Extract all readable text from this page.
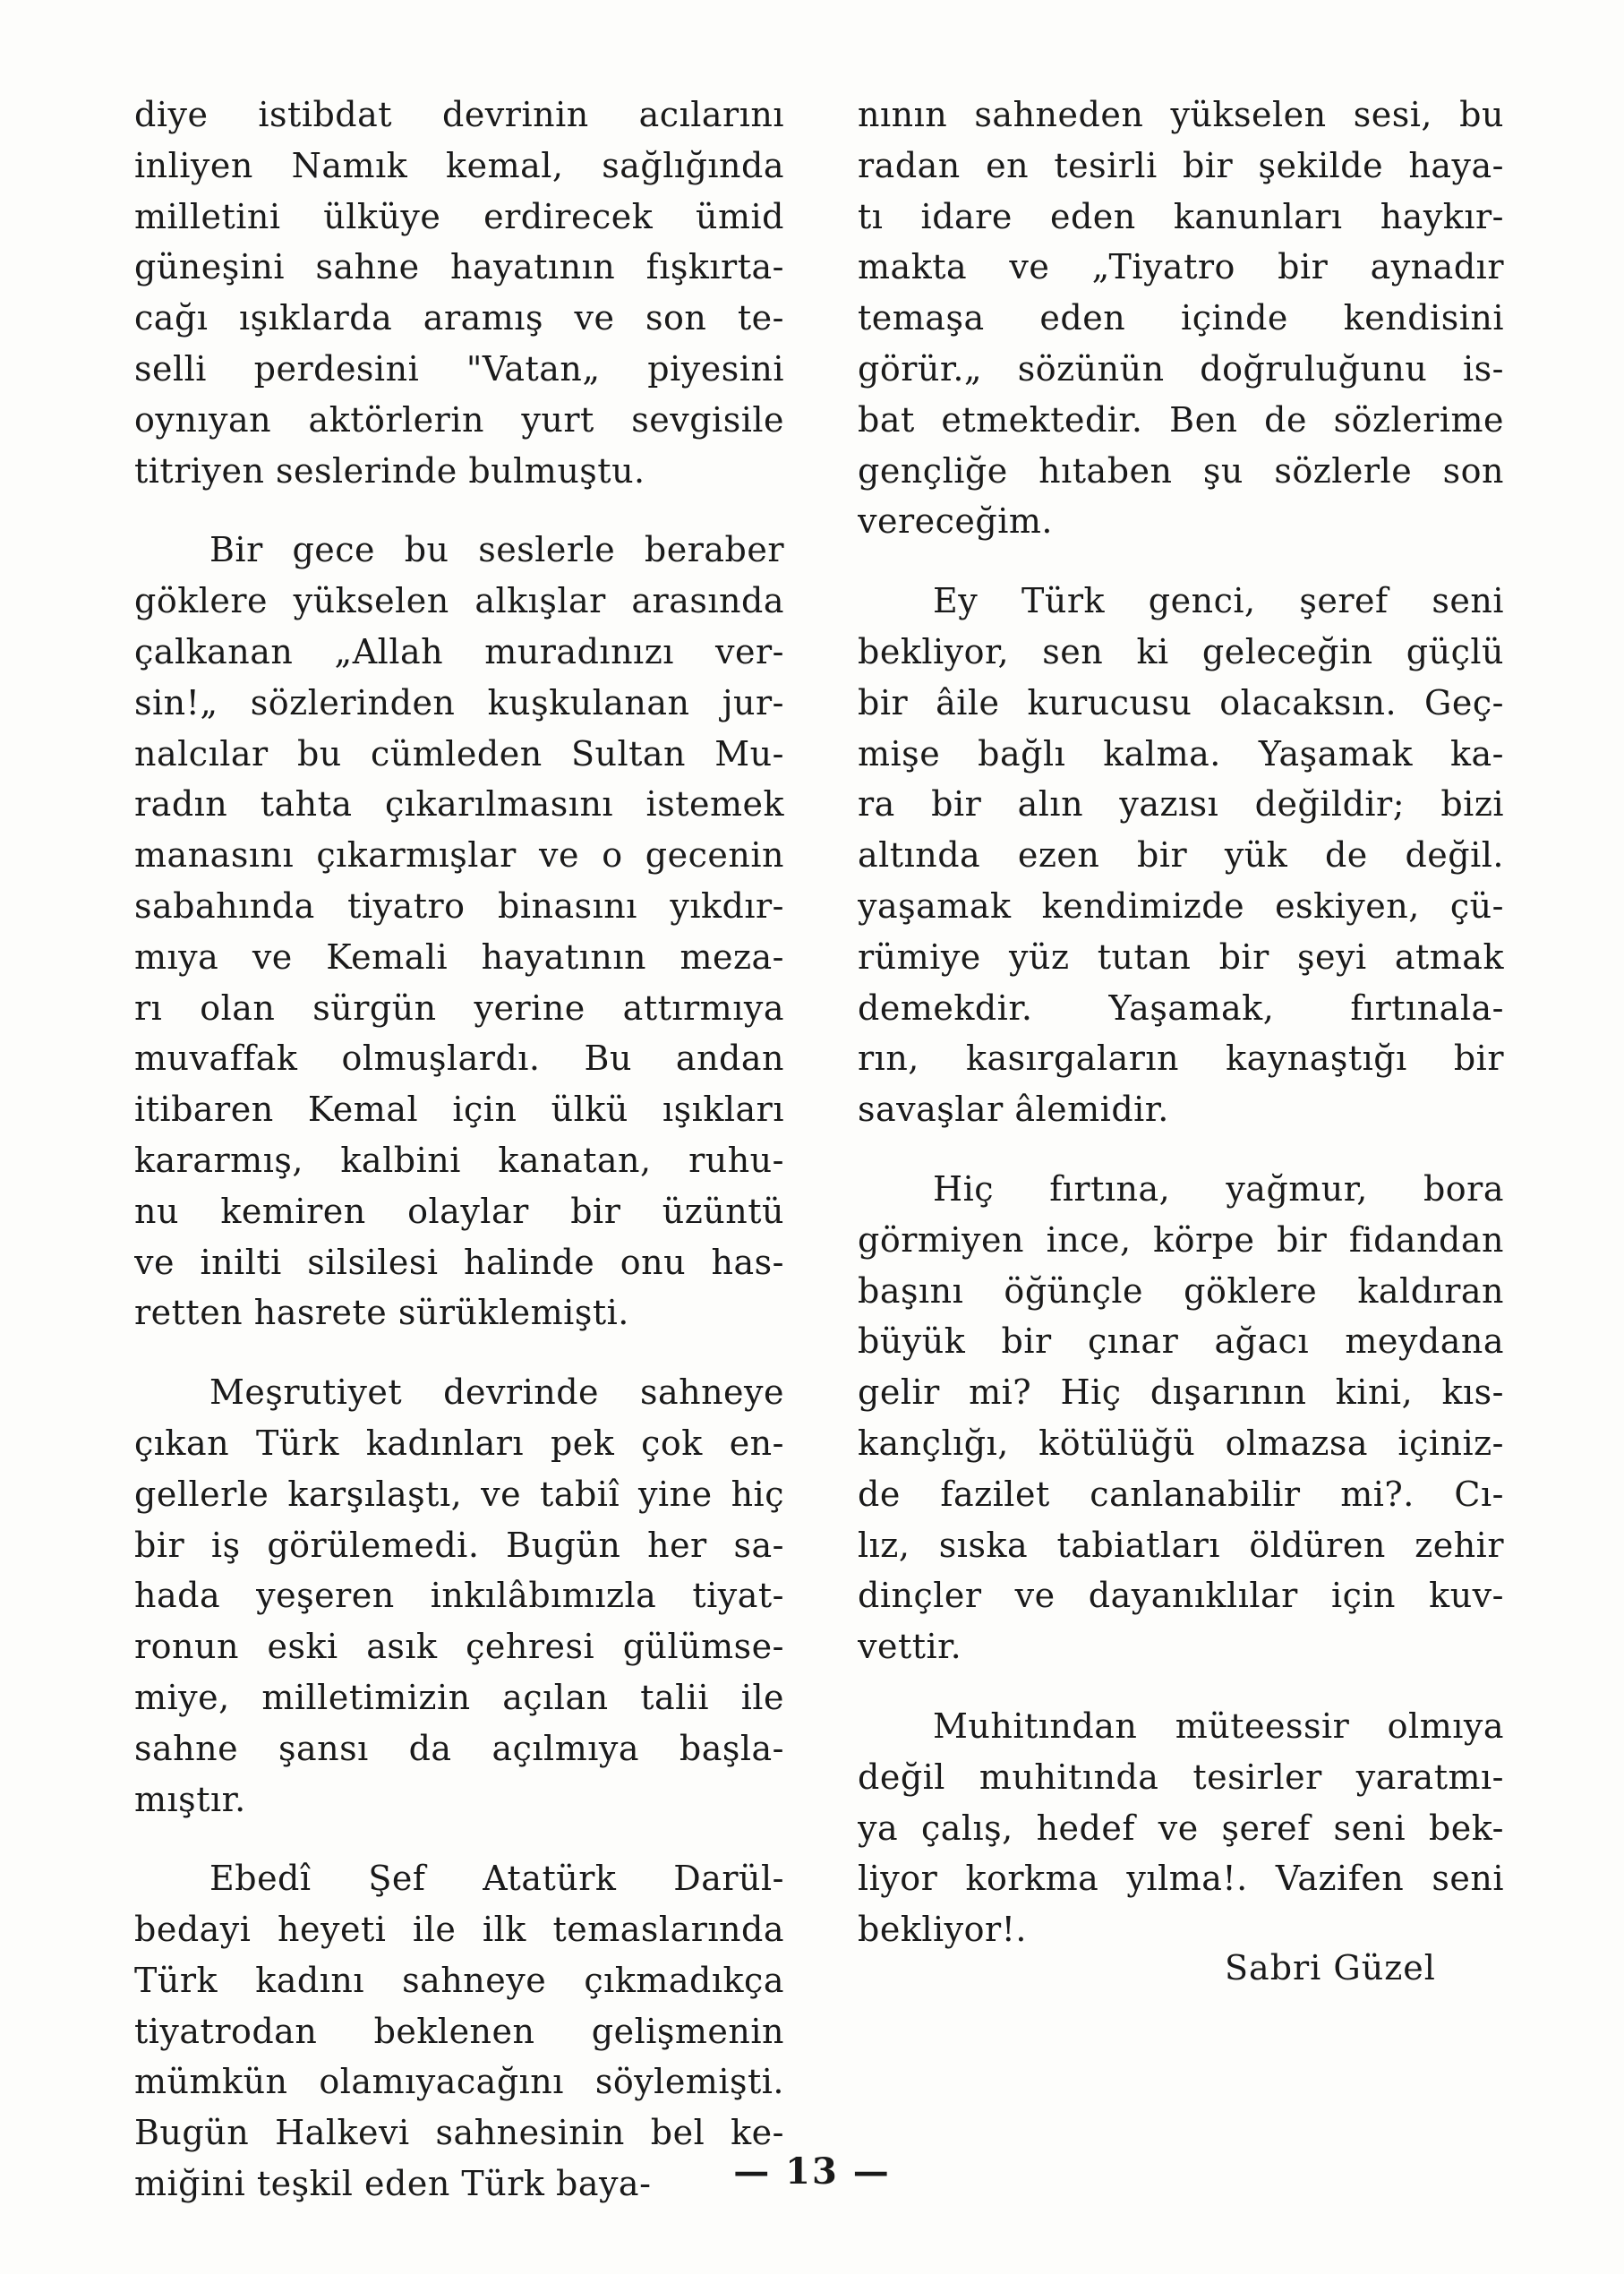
diye istibdat devrinin acılarını
inliyen Namık kemal, sağlığında
milletini ülküye erdirecek ümid
güneşini sahne hayatının fışkırta-
cağı ışıklarda aramış ve son te-
selli perdesini "Vatan„ piyesini
oynıyan aktörlerin yurt sevgisile
titriyen seslerinde bulmuştu.
Bir gece bu seslerle beraber
göklere yükselen alkışlar arasında
çalkanan „Allah muradınızı ver-
sin!„ sözlerinden kuşkulanan jur-
nalcılar bu cümleden Sultan Mu-
radın tahta çıkarılmasını istemek
manasını çıkarmışlar ve o gecenin
sabahında tiyatro binasını yıkdır-
mıya ve Kemali hayatının meza-
rı olan sürgün yerine attırmıya
muvaffak olmuşlardı. Bu andan
itibaren Kemal için ülkü ışıkları
kararmış, kalbini kanatan, ruhu-
nu kemiren olaylar bir üzüntü
ve inilti silsilesi halinde onu has-
retten hasrete sürüklemişti.
Meşrutiyet devrinde sahneye
çıkan Türk kadınları pek çok en-
gellerle karşılaştı, ve tabiî yine hiç
bir iş görülemedi. Bugün her sa-
hada yeşeren inkılâbımızla tiyat-
ronun eski asık çehresi gülümse-
miye, milletimizin açılan talii ile
sahne şansı da açılmıya başla-
mıştır.
Ebedî Şef Atatürk Darül-
bedayi heyeti ile ilk temaslarında
Türk kadını sahneye çıkmadıkça
tiyatrodan beklenen gelişmenin
mümkün olamıyacağını söylemişti.
Bugün Halkevi sahnesinin bel ke-
miğini teşkil eden Türk baya-
nının sahneden yükselen sesi, bu
radan en tesirli bir şekilde haya-
tı idare eden kanunları haykır-
makta ve „Tiyatro bir aynadır
temaşa eden içinde kendisini
görür.„ sözünün doğruluğunu is-
bat etmektedir. Ben de sözlerime
gençliğe hıtaben şu sözlerle son
vereceğim.
Ey Türk genci, şeref seni
bekliyor, sen ki geleceğin güçlü
bir âile kurucusu olacaksın. Geç-
mişe bağlı kalma. Yaşamak ka-
ra bir alın yazısı değildir; bizi
altında ezen bir yük de değil.
yaşamak kendimizde eskiyen, çü-
rümiye yüz tutan bir şeyi atmak
demekdir. Yaşamak, fırtınala-
rın, kasırgaların kaynaştığı bir
savaşlar âlemidir.
Hiç fırtına, yağmur, bora
görmiyen ince, körpe bir fidandan
başını öğünçle göklere kaldıran
büyük bir çınar ağacı meydana
gelir mi? Hiç dışarının kini, kıs-
kançlığı, kötülüğü olmazsa içiniz-
de fazilet canlanabilir mi?. Cı-
lız, sıska tabiatları öldüren zehir
dinçler ve dayanıklılar için kuv-
vettir.
Muhitından müteessir olmıya
değil muhitında tesirler yaratmı-
ya çalış, hedef ve şeref seni bek-
liyor korkma yılma!. Vazifen seni
bekliyor!.
Sabri Güzel
— 13 —
